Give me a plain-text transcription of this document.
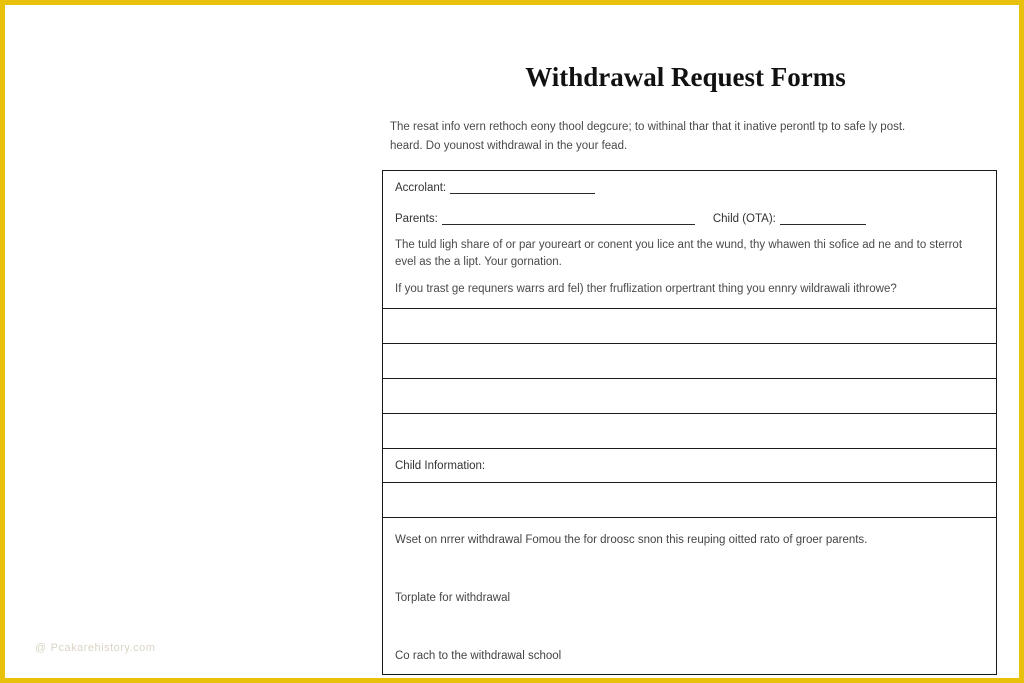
@ Pcakarehistory.com
Withdrawal Request Forms
The resat info vern rethoch eony thool degcure; to withinal thar that it inative perontl tp to safe ly post.
heard. Do younost withdrawal in the your fead.
Accrolant:
Parents:	Child (OTA):
The tuld ligh share of or par youreart or conent you lice ant the wund, thy whawen thi sofice ad ne and to sterrot evel as the a lipt. Your gornation.
If you trast ge requners warrs ard fel) ther fruflization orpertrant thing you ennry wildrawali ithrowe?
Child Information:
Wset on nrrer withdrawal Fomou the for droosc snon this reuping oitted rato of groer parents.
Torplate for withdrawal
Co rach to the withdrawal school
